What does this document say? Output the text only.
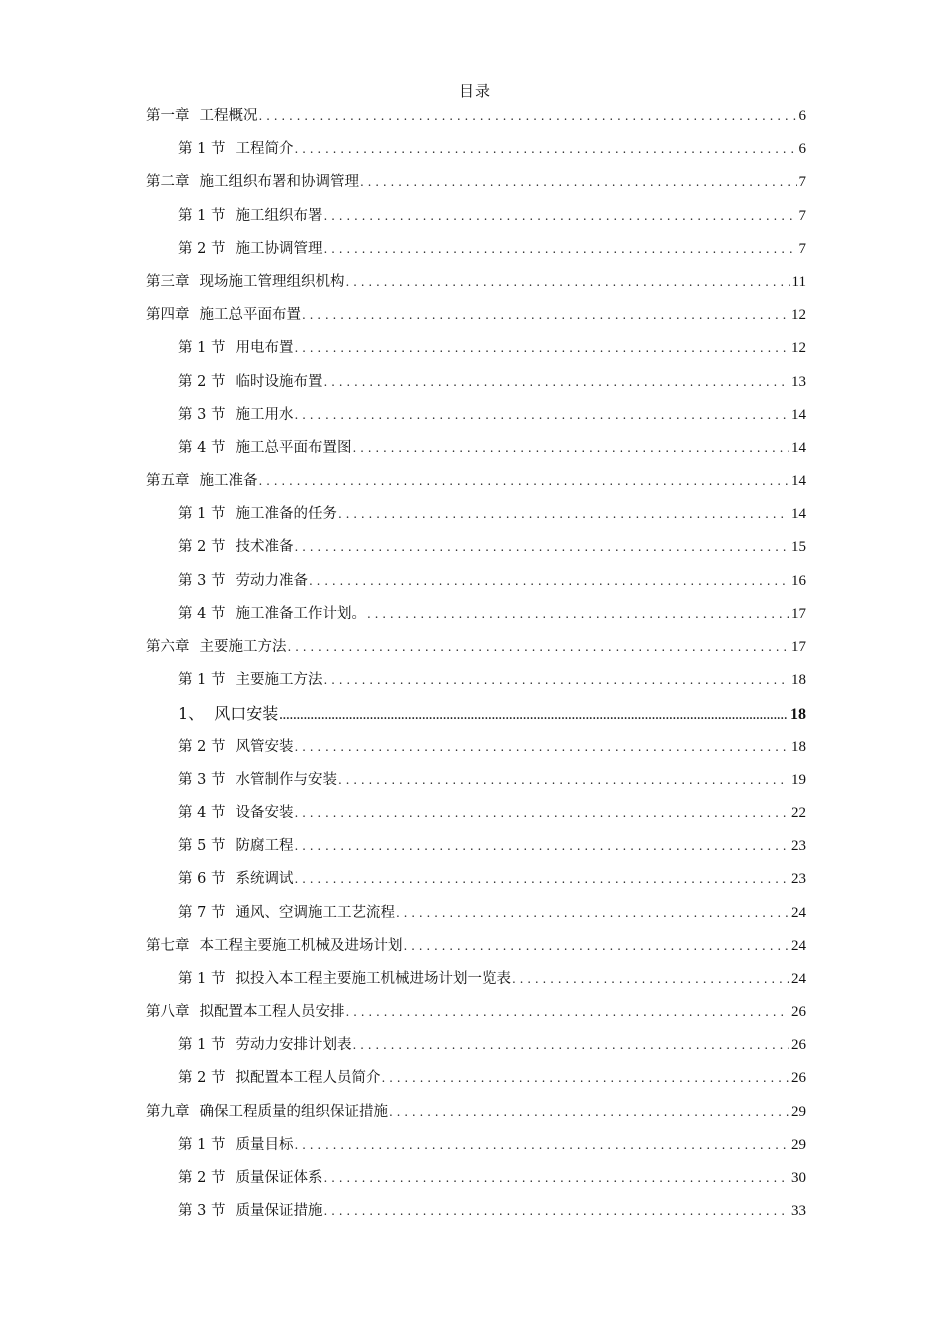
目录
第一章 工程概况 . . .	6
第 1 节 工程简介 . . .	6
第二章 施工组织布署和协调管理 . . .	7
第 1 节 施工组织布署 . . .	7
第 2 节 施工协调管理 . . .	7
第三章 现场施工管理组织机构 . . .	11
第四章 施工总平面布置 . . .	12
第 1 节 用电布置 . . .	12
第 2 节 临时设施布置 . . .	13
第 3 节 施工用水 . . .	14
第 4 节 施工总平面布置图 . . .	14
第五章 施工准备 . . .	14
第 1 节 施工准备的任务 . . .	14
第 2 节 技术准备 . . .	15
第 3 节 劳动力准备 . . .	16
第 4 节 施工准备工作计划。 . . .	17
第六章 主要施工方法 . . .	17
第 1 节 主要施工方法 . . .	18
1、 风口安装 .....	18
第 2 节 风管安装 . . .	18
第 3 节 水管制作与安装 . . .	19
第 4 节 设备安装 . . .	22
第 5 节 防腐工程 . . .	23
第 6 节 系统调试 . . .	23
第 7 节 通风、空调施工工艺流程 . . .	24
第七章 本工程主要施工机械及进场计划 . . .	24
第 1 节 拟投入本工程主要施工机械进场计划一览表 . . .	24
第八章 拟配置本工程人员安排 . . .	26
第 1 节 劳动力安排计划表 . . .	26
第 2 节 拟配置本工程人员简介 . . .	26
第九章 确保工程质量的组织保证措施 . . .	29
第 1 节 质量目标 . . .	29
第 2 节 质量保证体系 . . .	30
第 3 节 质量保证措施 . . .	33
